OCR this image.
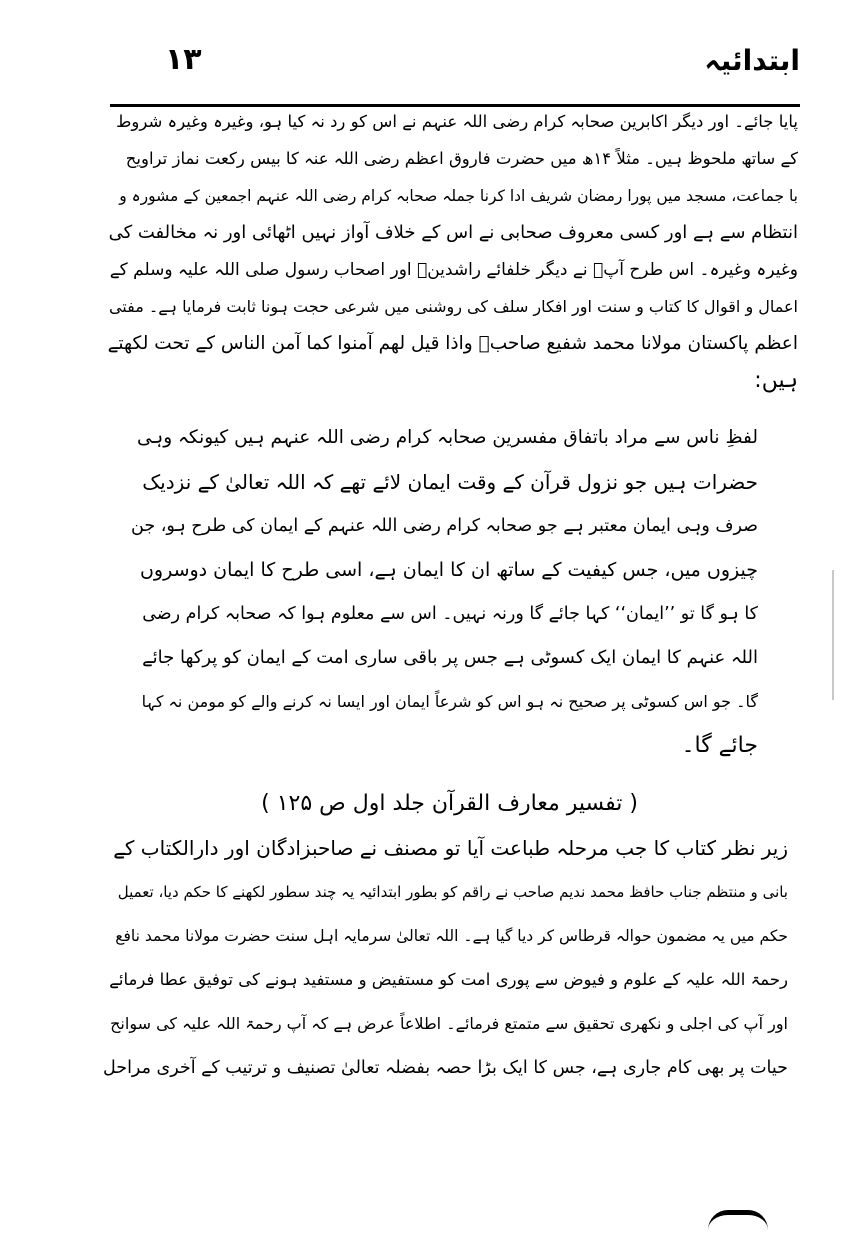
ابتدائیہ
۱۳
پایا جائے۔ اور دیگر اکابرین صحابہ کرام رضی اللہ عنہم نے اس کو رد نہ کیا ہو، وغیرہ وغیرہ شروط
کے ساتھ ملحوظ ہیں۔ مثلاً ۱۴ھ میں حضرت فاروق اعظم رضی اللہ عنہ کا بیس رکعت نماز تراویح
با جماعت، مسجد میں پورا رمضان شریف ادا کرنا جملہ صحابہ کرام رضی اللہ عنہم اجمعین کے مشورہ و
انتظام سے ہے اور کسی معروف صحابی نے اس کے خلاف آواز نہیں اٹھائی اور نہ مخالفت کی
وغیرہ وغیرہ۔ اس طرح آپؒ نے دیگر خلفائے راشدینؓ اور اصحاب رسول صلی اللہ علیہ وسلم کے
اعمال و اقوال کا کتاب و سنت اور افکار سلف کی روشنی میں شرعی حجت ہونا ثابت فرمایا ہے۔ مفتی
اعظم پاکستان مولانا محمد شفیع صاحبؒ واذا قیل لھم آمنوا کما آمن الناس کے تحت لکھتے
ہیں:
لفظِ ناس سے مراد باتفاق مفسرین صحابہ کرام رضی اللہ عنہم ہیں کیونکہ وہی
حضرات ہیں جو نزول قرآن کے وقت ایمان لائے تھے کہ اللہ تعالیٰ کے نزدیک
صرف وہی ایمان معتبر ہے جو صحابہ کرام رضی اللہ عنہم کے ایمان کی طرح ہو، جن
چیزوں میں، جس کیفیت کے ساتھ ان کا ایمان ہے، اسی طرح کا ایمان دوسروں
کا ہو گا تو ’’ایمان‘‘ کہا جائے گا ورنہ نہیں۔ اس سے معلوم ہوا کہ صحابہ کرام رضی
اللہ عنہم کا ایمان ایک کسوٹی ہے جس پر باقی ساری امت کے ایمان کو پرکھا جائے
گا۔ جو اس کسوٹی پر صحیح نہ ہو اس کو شرعاً ایمان اور ایسا نہ کرنے والے کو مومن نہ کہا
جائے گا۔
( تفسیر معارف القرآن جلد اول ص ۱۲۵ )
زیر نظر کتاب کا جب مرحلہ طباعت آیا تو مصنف نے صاحبزادگان اور دارالکتاب کے
بانی و منتظم جناب حافظ محمد ندیم صاحب نے راقم کو بطور ابتدائیہ یہ چند سطور لکھنے کا حکم دیا، تعمیل
حکم میں یہ مضمون حوالہ قرطاس کر دیا گیا ہے۔ اللہ تعالیٰ سرمایہ اہل سنت حضرت مولانا محمد نافع
رحمۃ اللہ علیہ کے علوم و فیوض سے پوری امت کو مستفیض و مستفید ہونے کی توفیق عطا فرمائے
اور آپ کی اجلی و نکھری تحقیق سے متمتع فرمائے۔ اطلاعاً عرض ہے کہ آپ رحمۃ اللہ علیہ کی سوانح
حیات پر بھی کام جاری ہے، جس کا ایک بڑا حصہ بفضلہ تعالیٰ تصنیف و ترتیب کے آخری مراحل
